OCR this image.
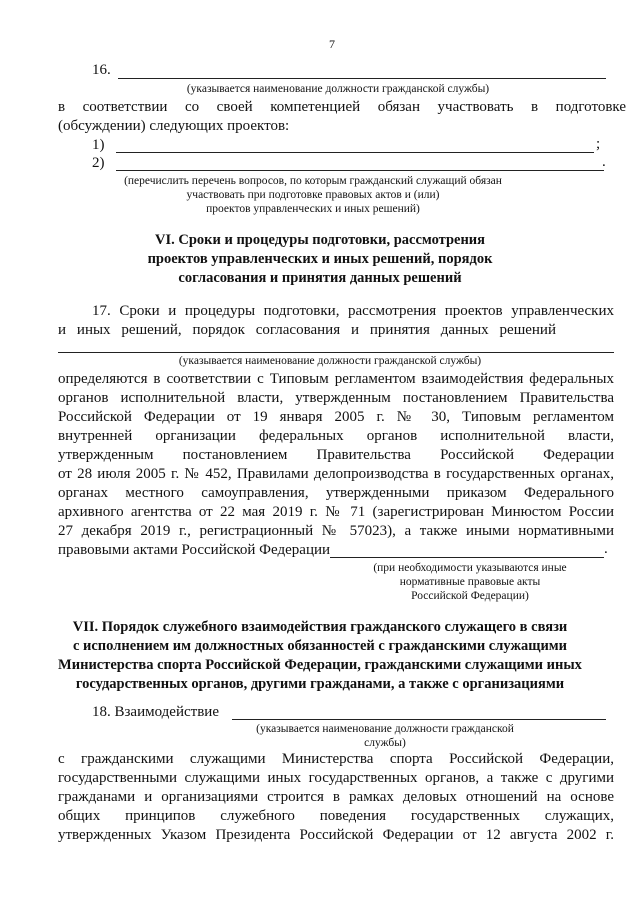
7
16.
(указывается наименование должности гражданской службы)
в соответствии со своей компетенцией обязан участвовать в подготовке
(обсуждении) следующих проектов:
1)	;
2)	.
(перечислить перечень вопросов, по которым гражданский служащий обязан
участвовать при подготовке правовых актов и (или)
проектов управленческих и иных решений)
VI. Сроки и процедуры подготовки, рассмотрения
проектов управленческих и иных решений, порядок
согласования и принятия данных решений
17. Сроки и процедуры подготовки, рассмотрения проектов управленческих
и иных решений, порядок согласования и принятия данных решений
(указывается наименование должности гражданской службы)
определяются в соответствии с Типовым регламентом взаимодействия федеральных
органов исполнительной власти, утвержденным постановлением Правительства
Российской Федерации от 19 января 2005 г. № 30, Типовым регламентом
внутренней организации федеральных органов исполнительной власти,
утвержденным постановлением Правительства Российской Федерации
от 28 июля 2005 г. № 452, Правилами делопроизводства в государственных органах,
органах местного самоуправления, утвержденными приказом Федерального
архивного агентства от 22 мая 2019 г. № 71 (зарегистрирован Минюстом России
27 декабря 2019 г., регистрационный № 57023), а также иными нормативными
правовыми актами Российской Федерации	.
(при необходимости указываются иные
нормативные правовые акты
Российской Федерации)
VII. Порядок служебного взаимодействия гражданского служащего в связи
с исполнением им должностных обязанностей с гражданскими служащими
Министерства спорта Российской Федерации, гражданскими служащими иных
государственных органов, другими гражданами, а также с организациями
18. Взаимодействие
(указывается наименование должности гражданской
службы)
с гражданскими служащими Министерства спорта Российской Федерации,
государственными служащими иных государственных органов, а также с другими
гражданами и организациями строится в рамках деловых отношений на основе
общих принципов служебного поведения государственных служащих,
утвержденных Указом Президента Российской Федерации от 12 августа 2002 г.
